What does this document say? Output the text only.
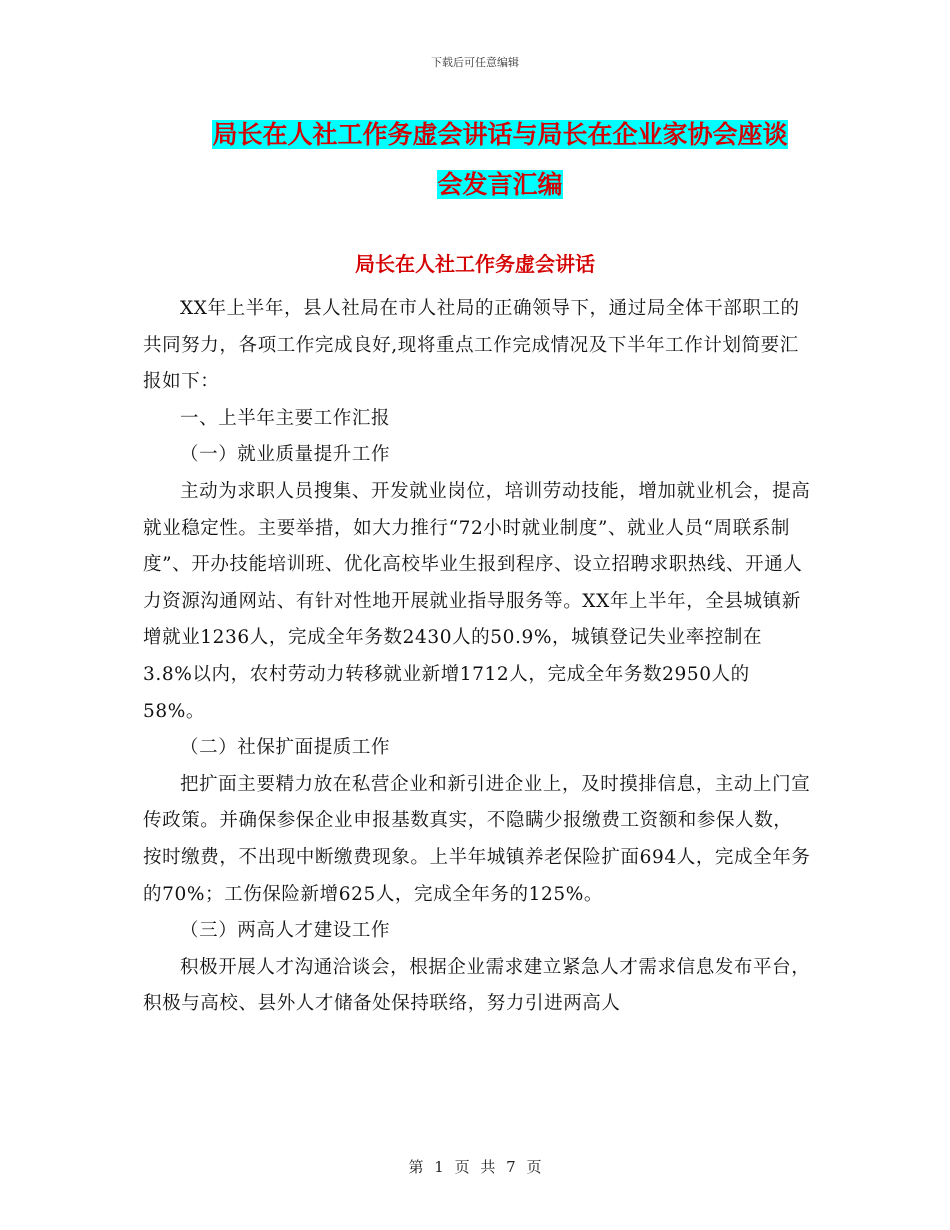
下载后可任意编辑
局长在人社工作务虚会讲话与局长在企业家协会座谈
会发言汇编
局长在人社工作务虚会讲话

XX年上半年，县人社局在市人社局的正确领导下，通过局全体干部职工的共同努力，各项工作完成良好,现将重点工作完成情况及下半年工作计划简要汇报如下：

一、上半年主要工作汇报

（一）就业质量提升工作

主动为求职人员搜集、开发就业岗位，培训劳动技能，增加就业机会，提高就业稳定性。主要举措，如大力推行“72小时就业制度”、就业人员“周联系制度”、开办技能培训班、优化高校毕业生报到程序、设立招聘求职热线、开通人力资源沟通网站、有针对性地开展就业指导服务等。XX年上半年，全县城镇新增就业1236人，完成全年务数2430人的50.9%，城镇登记失业率控制在3.8%以内，农村劳动力转移就业新增1712人，完成全年务数2950人的58%。

（二）社保扩面提质工作

把扩面主要精力放在私营企业和新引进企业上，及时摸排信息，主动上门宣传政策。并确保参保企业申报基数真实，不隐瞒少报缴费工资额和参保人数，按时缴费，不出现中断缴费现象。上半年城镇养老保险扩面694人，完成全年务的70%；工伤保险新增625人，完成全年务的125%。

（三）两高人才建设工作

积极开展人才沟通洽谈会，根据企业需求建立紧急人才需求信息发布平台，积极与高校、县外人才储备处保持联络，努力引进两高人

第 1 页 共 7 页
